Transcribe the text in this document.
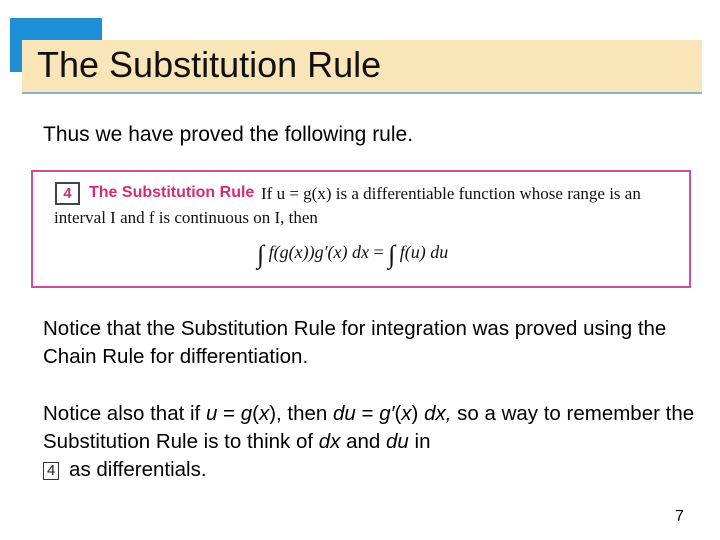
The Substitution Rule

Thus we have proved the following rule.

4	The Substitution Rule If u = g(x) is a differentiable function whose range is an
interval I and f is continuous on I, then

∫ f(g(x))g′(x) dx = ∫ f(u) du

Notice that the Substitution Rule for integration was proved using the Chain Rule for differentiation.

Notice also that if u = g(x), then du = g′(x) dx, so a way to remember the Substitution Rule is to think of dx and du in
4 as differentials.

7
